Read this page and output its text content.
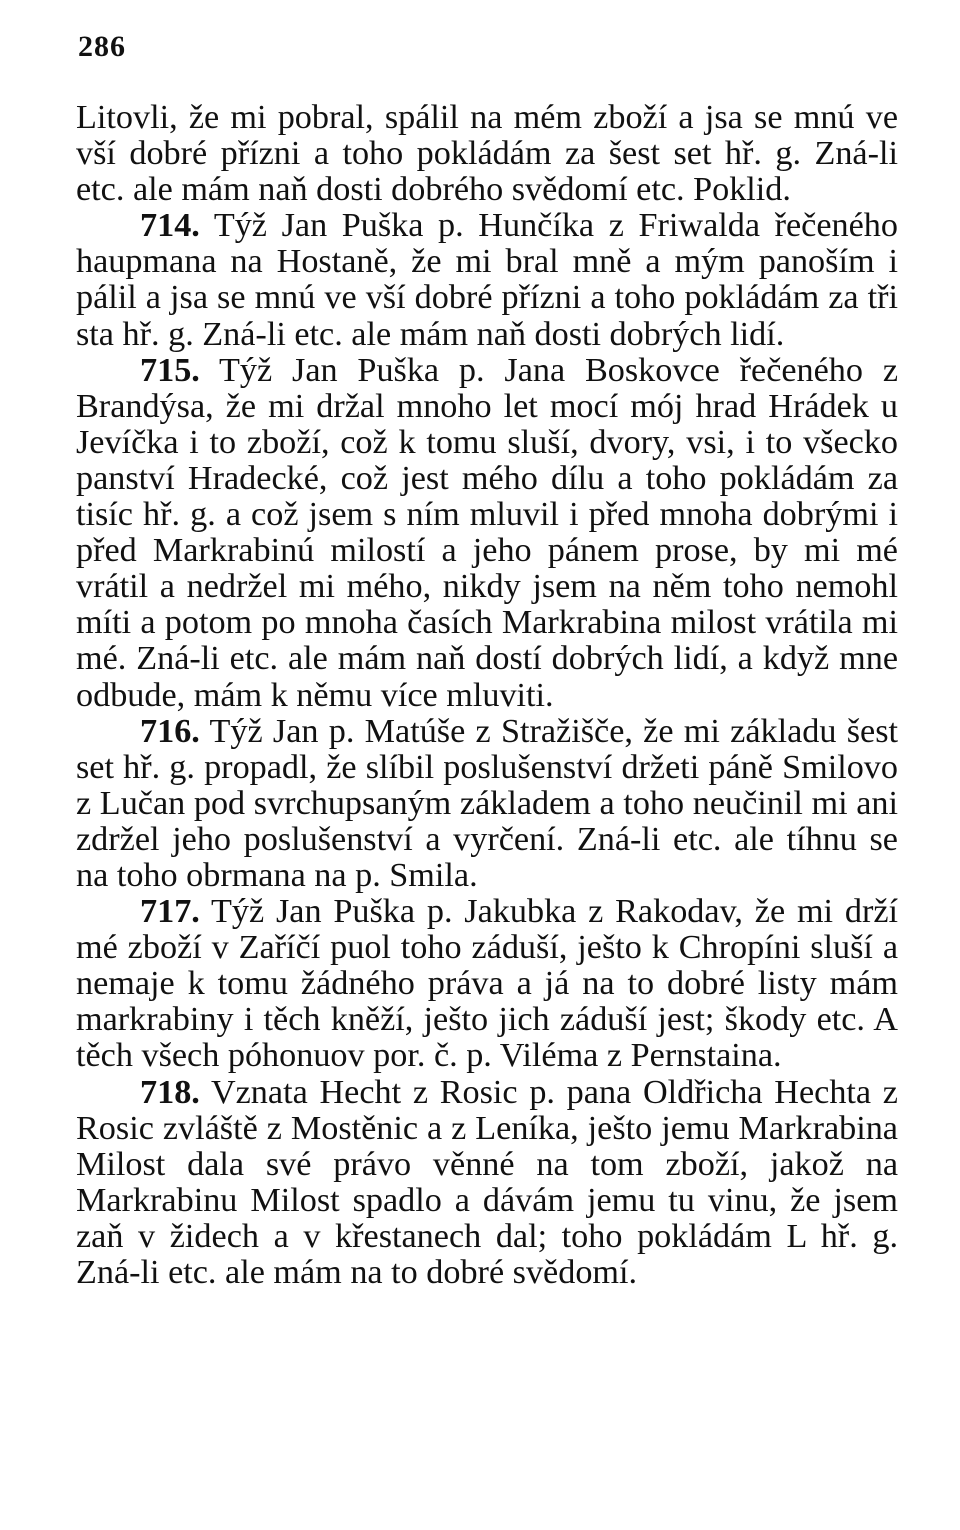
286

Litovli, že mi pobral, spálil na mém zboží a jsa se mnú ve vší dobré přízni a toho pokládám za šest set hř. g. Zná-li etc. ale mám naň dosti dobrého svědomí etc. Poklid.

714. Týž Jan Puška p. Hunčíka z Friwalda řečeného haupmana na Hostaně, že mi bral mně a mým panoším i pálil a jsa se mnú ve vší dobré přízni a toho pokládám za tři sta hř. g. Zná-li etc. ale mám naň dosti dobrých lidí.

715. Týž Jan Puška p. Jana Boskovce řečeného z Brandýsa, že mi držal mnoho let mocí mój hrad Hrádek u Jevíčka i to zboží, což k tomu sluší, dvory, vsi, i to všecko panství Hradecké, což jest mého dílu a toho pokládám za tisíc hř. g. a což jsem s ním mluvil i před mnoha dobrými i před Markrabinú milostí a jeho pánem prose, by mi mé vrátil a nedržel mi mého, nikdy jsem na něm toho nemohl míti a potom po mnoha časích Markrabina milost vrátila mi mé. Zná-li etc. ale mám naň dostí dobrých lidí, a když mne odbude, mám k němu více mluviti.

716. Týž Jan p. Matúše z Stražišče, že mi základu šest set hř. g. propadl, že slíbil poslušenství držeti páně Smilovo z Lučan pod svrchupsaným základem a toho neučinil mi ani zdržel jeho poslušenství a vyrčení. Zná-li etc. ale tíhnu se na toho obrmana na p. Smila.

717. Týž Jan Puška p. Jakubka z Rakodav, že mi drží mé zboží v Zaříčí puol toho záduší, ješto k Chropíni sluší a nemaje k tomu žádného práva a já na to dobré listy mám markrabiny i těch kněží, ješto jich záduší jest; škody etc. A těch všech póhonuov por. č. p. Viléma z Pernstaina.

718. Vznata Hecht z Rosic p. pana Oldřicha Hechta z Rosic zvláště z Mostěnic a z Leníka, ješto jemu Markrabina Milost dala své právo věnné na tom zboží, jakož na Markrabinu Milost spadlo a dávám jemu tu vinu, že jsem zaň v židech a v křestanech dal; toho pokládám L hř. g. Zná-li etc. ale mám na to dobré svědomí.
